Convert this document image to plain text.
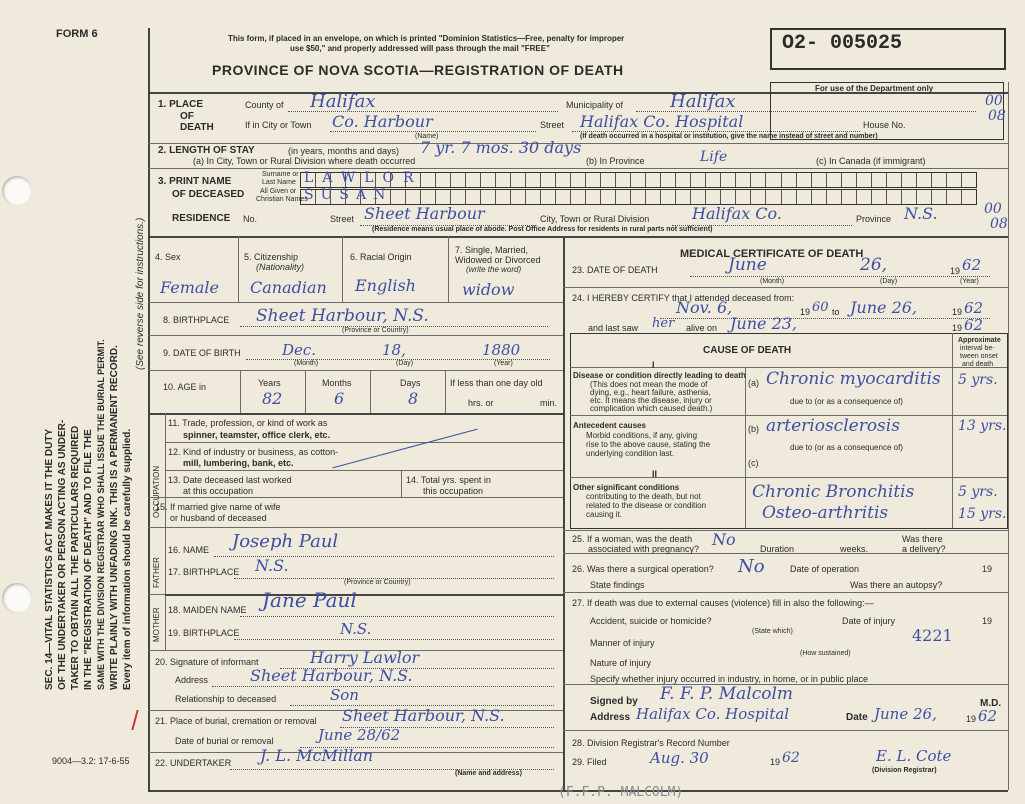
FORM 6
SEC. 14—VITAL STATISTICS ACT MAKES IT THE DUTY OF THE UNDERTAKER OR PERSON ACTING AS UNDER- TAKER TO OBTAIN ALL THE PARTICULARS REQUIRED IN THE "REGISTRATION OF DEATH" AND TO FILE THE SAME WITH THE DIVISION REGISTRAR WHO SHALL ISSUE THE BURIAL PERMIT. WRITE PLAINLY WITH UNFADING INK. THIS IS A PERMANENT RECORD. Every item of information should be carefully supplied.
(See reverse side for instructions.)
9004—3.2: 17-6-55
This form, if placed in an envelope, on which is printed "Dominion Statistics—Free, penalty for improper
use $50," and properly addressed will pass through the mail "FREE"
PROVINCE OF NOVA SCOTIA—REGISTRATION OF DEATH
O2- 005025
For use of the Department only
00
08
1. PLACE
OF
DEATH
County of Halifax	Municipality of	Halifax
If in City or Town Co. Harbour
(Name)
Street Halifax Co. Hospital	House No.
(If death occurred in a hospital or institution, give the name instead of street and number)
2. LENGTH OF STAY	(in years, months and days) 7 yr. 7 mos. 30 days
(a) In City, Town or Rural Division where death occurred	(b) In Province	Life	(c) In Canada (if immigrant)
3. PRINT NAME
OF DECEASED
Surname or
Last Name
All Given or
Christian Names
LAWLOR
SUSAN
RESIDENCE No.	Street Sheet Harbour	City, Town or Rural Division	Halifax Co.	Province N.S.	00
08
(Residence means usual place of abode. Post Office Address for residents in rural parts not sufficient)
4. Sex
Female
5. Citizenship
(Nationality)
Canadian
6. Racial Origin
English
7. Single, Married,
Widowed or Divorced
(write the word)
widow
8. BIRTHPLACE Sheet Harbour, N.S.
(Province or Country)
9. DATE OF BIRTH	Dec.	18,	1880
(Month)	(Day)	(Year)
10. AGE in	Years	Months	Days	If less than one day old
hrs. or	min.
82	6	8
OCCUPATION
11. Trade, profession, or kind of work as
spinner, teamster, office clerk, etc.
12. Kind of industry or business, as cotton-
mill, lumbering, bank, etc.
13. Date deceased last worked
at this occupation
14. Total yrs. spent in
this occupation
15. If married give name of wife
or husband of deceased
FATHER
16. NAME Joseph Paul
17. BIRTHPLACE N.S.
(Province or Country)
MOTHER 18. MAIDEN NAME Jane Paul
19. BIRTHPLACE	N.S.
20. Signature of informant	Harry Lawlor
Address	Sheet Harbour, N.S.
Relationship to deceased	Son
21. Place of burial, cremation or removal Sheet Harbour, N.S.
Date of burial or removal	June 28/62
22. UNDERTAKER J. L. McMillan
(Name and address)
MEDICAL CERTIFICATE OF DEATH
23. DATE OF DEATH	June	26,	19 62
(Month)	(Day)	(Year)
24. I HEREBY CERTIFY that I attended deceased from:
Nov. 6,	19 60 to June 26,	19 62
and last saw her alive on June 23,	19 62
CAUSE OF DEATH
Approximate
interval be-
tween onset
and death
I
II
Disease or condition directly leading to death
(This does not mean the mode of
dying, e.g., heart failure, asthenia,
etc. It means the disease, injury or
complication which caused death.)
(a) Chronic myocarditis 5 yrs.
due to (or as a consequence of)
Antecedent causes
Morbid conditions, if any, giving
rise to the above cause, stating the
underlying condition last.
(b) arteriosclerosis	13 yrs.
due to (or as a consequence of)
(c)
Other significant conditions
contributing to the death, but not
related to the disease or condition
causing it.
Chronic Bronchitis	5 yrs.
Osteo-arthritis	15 yrs.
25. If a woman, was the death
associated with pregnancy? No	Duration	weeks.
Was there
a delivery?
26. Was there a surgical operation? No	Date of operation	19
State findings	Was there an autopsy?
27. If death was due to external causes (violence) fill in also the following:—
Accident, suicide or homicide?
(State which)
Date of injury	19
4221
Manner of injury
(How sustained)
Nature of injury
Specify whether injury occurred in industry, in home, or in public place
Signed by F. F. P. Malcolm	M.D.
Address Halifax Co. Hospital	Date June 26,	19 62
28. Division Registrar's Record Number
29. Filed	Aug. 30	19 62	E. L. Cote
(Division Registrar)
(F.F.P. MALCOLM)
